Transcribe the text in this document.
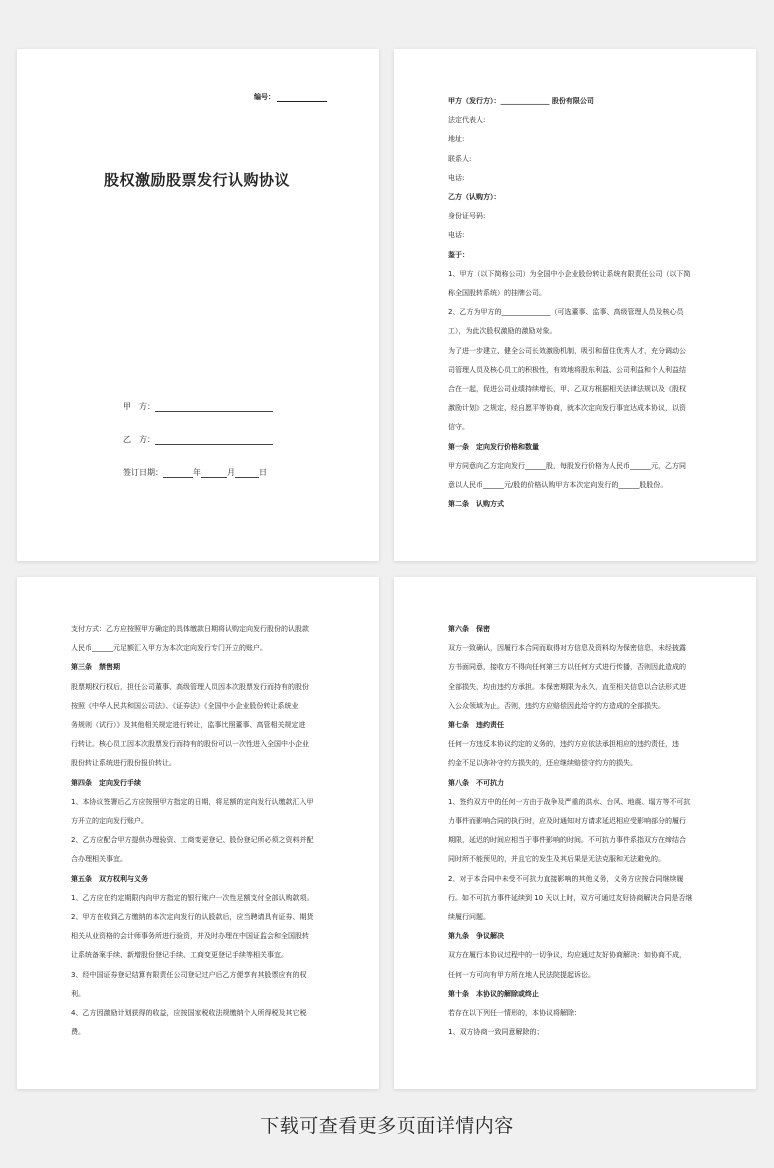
编号：
股权激励股票发行认购协议
甲　方：
乙　方：
签订日期：	年	月	日

甲方（发行方）：______________ 股份有限公司

法定代表人:

地址:

联系人:

电话:

乙方（认购方）：

身份证号码:

电话:

鉴于：

1、甲方（以下简称公司）为全国中小企业股份转让系统有限责任公司（以下简

称全国股转系统）的挂牌公司。

2、乙方为甲方的______________（可选董事、监事、高级管理人员及核心员

工），为此次股权激励的激励对象。

为了进一步建立、健全公司长效激励机制，吸引和留住优秀人才，充分调动公

司管理人员及核心员工的积极性，有效地将股东利益、公司利益和个人利益结

合在一起，促进公司业绩持续增长，甲、乙双方根据相关法律法规以及《股权

激励计划》之规定，经自愿平等协商，就本次定向发行事宜达成本协议，以资

信守。

第一条　定向发行价格和数量

甲方同意向乙方定向发行______股，每股发行价格为人民币______元，乙方同

意以人民币______元/股的价格认购甲方本次定向发行的______股股份。

第二条　认购方式

支付方式：乙方应按照甲方确定的具体缴款日期将认购定向发行股份的认股款

人民币______元足额汇入甲方为本次定向发行专门开立的账户。

第三条　禁售期

股票期权行权后，担任公司董事、高级管理人员因本次股票发行而持有的股份

按照《中华人民共和国公司法》、《证券法》《全国中小企业股份转让系统业

务规则（试行）》及其他相关规定进行转让，监事比照董事、高管相关规定进

行转让。核心员工因本次股票发行而持有的股份可以一次性进入全国中小企业

股份转让系统进行股份报价转让。

第四条　定向发行手续

1、本协议签署后乙方应按照甲方指定的日期，将足额的定向发行认缴款汇入甲

方开立的定向发行账户。

2、乙方应配合甲方提供办理验资、工商变更登记、股份登记所必须之资料并配

合办理相关事宜。

第五条　双方权利与义务

1、乙方应在约定期限内向甲方指定的银行账户一次性足额支付全部认购款项。

2、甲方在收到乙方缴纳的本次定向发行的认股款后，应当聘请具有证券、期货

相关从业资格的会计师事务所进行验资，并及时办理在中国证监会和全国股转

让系统备案手续、新增股份登记手续、工商变更登记手续等相关事宜。

3、经中国证券登记结算有限责任公司登记过户后乙方便享有其股票应有的权

利。

4、乙方因激励计划获得的收益，应按国家税收法规缴纳个人所得税及其它税

费。

第六条　保密

双方一致确认，因履行本合同而取得对方信息及资料均为保密信息，未经披露

方书面同意，接收方不得向任何第三方以任何方式进行传播，否则因此造成的

全部损失，均由违约方承担。本保密期限为永久，直至相关信息以合法形式进

入公众领域为止。否则，违约方应赔偿因此给守约方造成的全部损失。

第七条　违约责任

任何一方违反本协议约定的义务的，违约方应依法承担相应的违约责任，违

约金不足以弥补守约方损失的，还应继续赔偿守约方的损失。

第八条　不可抗力

1、签约双方中的任何一方由于战争及严重的洪水、台风、地震、塌方等不可抗

力事件而影响合同的执行时，应及时通知对方请求延迟相应受影响部分的履行

期限，延迟的时间应相当于事件影响的时间。不可抗力事件系指双方在缔结合

同时所不能预见的，并且它的发生及其后果是无法克服和无法避免的。

2、对于本合同中未受不可抗力直接影响的其他义务，义务方应按合同继续履

行。如不可抗力事件延续到 10 天以上时，双方可通过友好协商解决合同是否继

续履行问题。

第九条　争议解决

双方在履行本协议过程中的一切争议，均应通过友好协商解决：如协商不成，

任何一方可向有甲方所在地人民法院提起诉讼。

第十条　本协议的解除或终止

若存在以下列任一情形的，本协议将解除：

1、双方协商一致同意解除的；

下载可查看更多页面详情内容
